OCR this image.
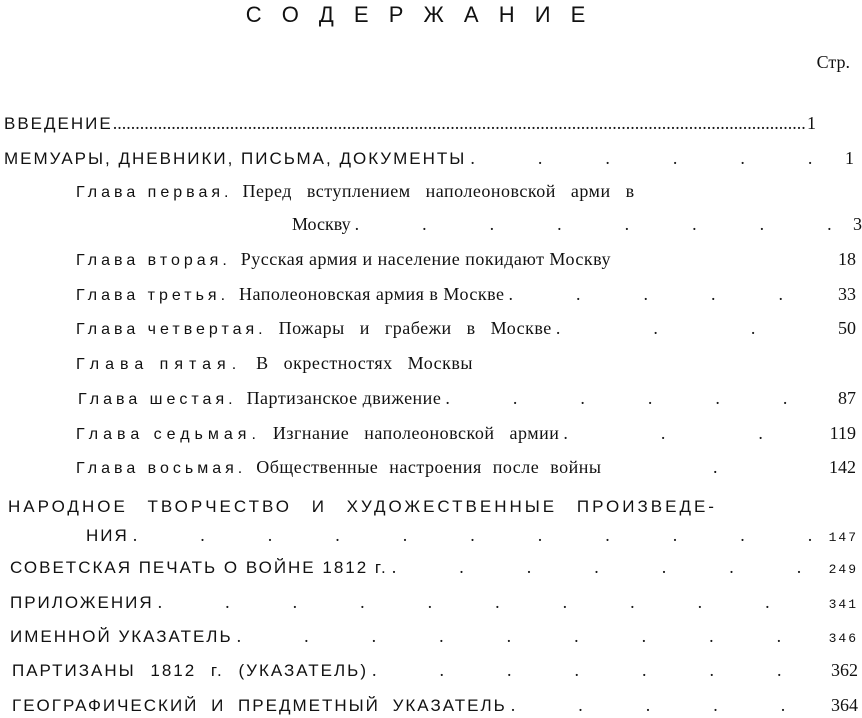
С О Д Е Р Ж А Н И Е
Стр.
ВВЕДЕНИЕ .....	1
МЕМУАРЫ, ДНЕВНИКИ, ПИСЬМА, ДОКУМЕНТЫ .	1
Глава первая. Перед вступлением наполеоновской арми в
Москву .	3
Глава вторая. Русская армия и население покидают Москву	18
Глава третья. Наполеоновская армия в Москве .	33
Глава четвертая. Пожары и грабежи в Москве .	50
Глава пятая. В окрестностях Москвы
Глава шестая. Партизанское движение .	87
Глава седьмая. Изгнание наполеоновской армии .	119
Глава восьмая. Общественные настроения после войны	.	142
НАРОДНОЕ ТВОРЧЕСТВО И ХУДОЖЕСТВЕННЫЕ ПРОИЗВЕДЕ-
НИЯ .	147
СОВЕТСКАЯ ПЕЧАТЬ О ВОЙНЕ 1812 г. .	249
ПРИЛОЖЕНИЯ .	341
ИМЕННОЙ УКАЗАТЕЛЬ .	346
ПАРТИЗАНЫ 1812 г. (УКАЗАТЕЛЬ) .	362
ГЕОГРАФИЧЕСКИЙ И ПРЕДМЕТНЫЙ УКАЗАТЕЛЬ .	364
